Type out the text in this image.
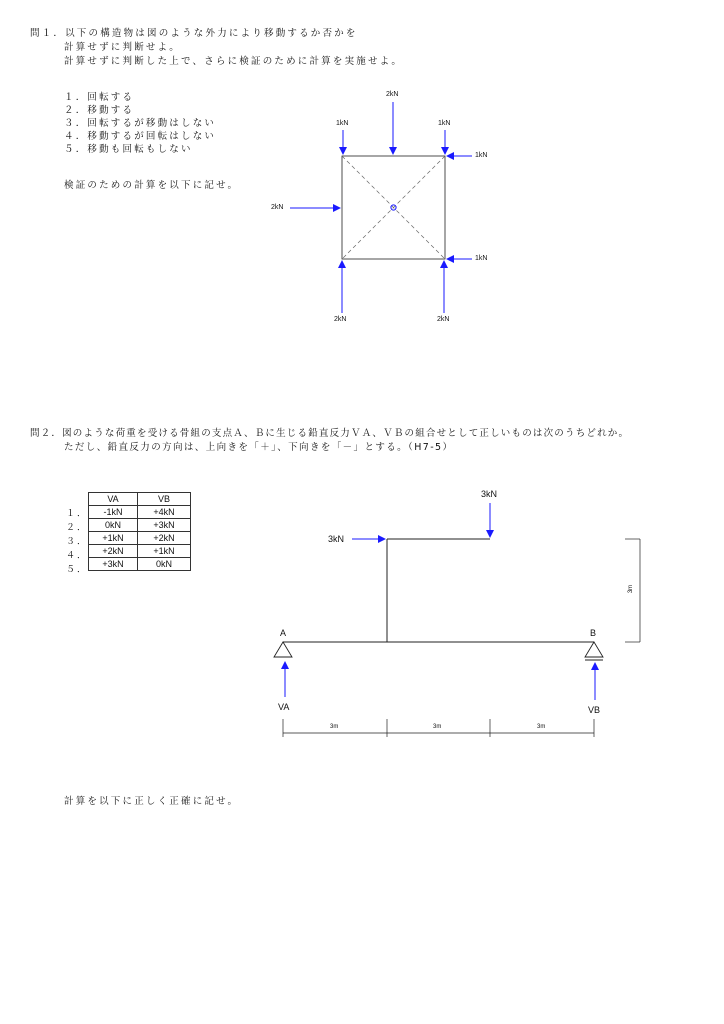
問１．以下の構造物は図のような外力により移動するか否かを
計算せずに判断せよ。
計算せずに判断した上で、さらに検証のために計算を実施せよ。
１．回転する
２．移動する
３．回転するが移動はしない
４．移動するが回転はしない
５．移動も回転もしない
検証のための計算を以下に記せ。
2kN
1kN	1kN
1kN
2kN
1kN
2kN	2kN
問２．図のような荷重を受ける骨組の支点Ａ、Ｂに生じる鉛直反力ＶＡ、ＶＢの組合せとして正しいものは次のうちどれか。
ただし、鉛直反力の方向は、上向きを「＋」、下向きを「－」とする。（H7-5）
VA	VB
-1kN	+4kN
0kN	+3kN
+1kN	+2kN
+2kN	+1kN
+3kN	0kN
１．
２．
３．
４．
５．
3kN
3kN
A	B
VA	VB
3m
3m	3m	3m
計算を以下に正しく正確に記せ。
